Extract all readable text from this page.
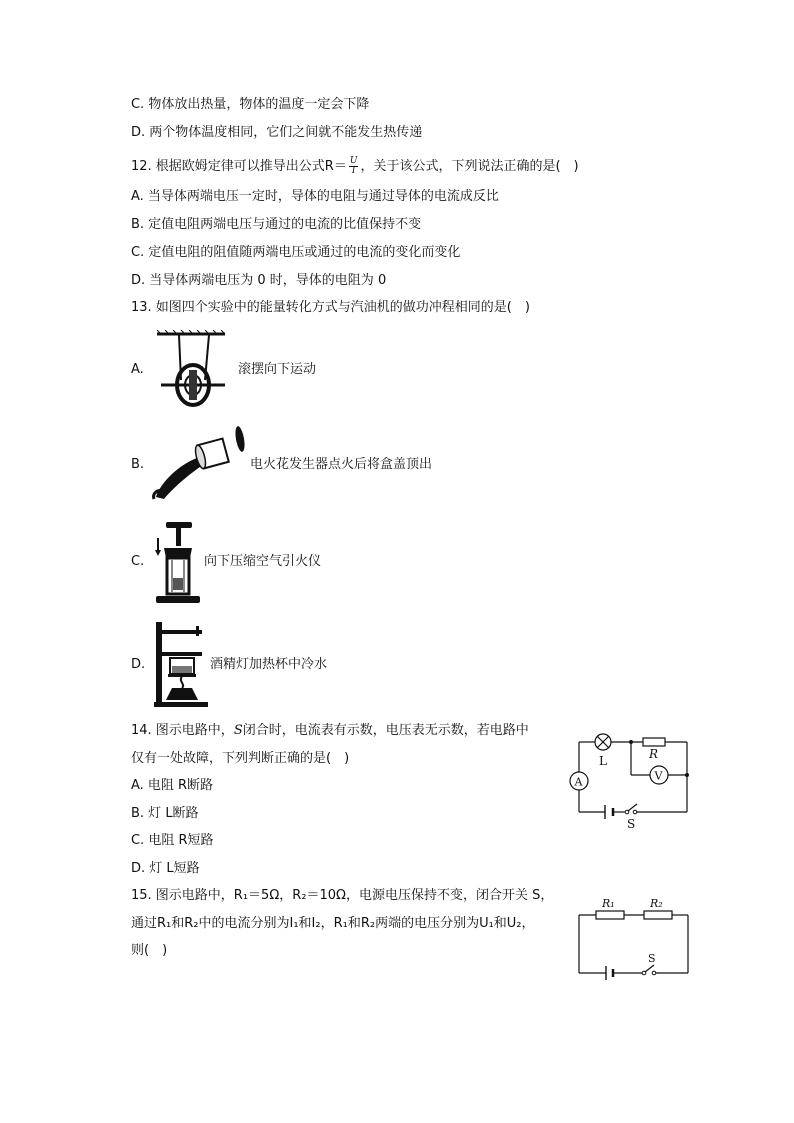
C. 物体放出热量，物体的温度一定会下降
D. 两个物体温度相同，它们之间就不能发生热传递
12. 根据欧姆定律可以推导出公式$R= \frac{U}{I}$ ，关于该公式，下列说法正确的是(　)
A. 当导体两端电压一定时，导体的电阻与通过导体的电流成反比
B. 定值电阻两端电压与通过的电流的比值保持不变
C. 定值电阻的阻值随两端电压或通过的电流的变化而变化
D. 当导体两端电压为 0 时，导体的电阻为 0
13. 如图四个实验中的能量转化方式与汽油机的做功冲程相同的是(　)
A.	滚摆向下运动
B.	电火花发生器点火后将盒盖顶出
C.	向下压缩空气引火仪
D.	酒精灯加热杯中冷水
14. 图示电路中，S闭合时，电流表有示数，电压表无示数，若电路中
仅有一处故障，下列判断正确的是(　)
A. 电阻 R断路
B. 灯 L断路
C. 电阻 R短路
D. 灯 L短路
L	R
V
A
S
15. 图示电路中，R₁＝5Ω，R₂＝10Ω，电源电压保持不变，闭合开关 S，
通过R₁和R₂中的电流分别为I₁和I₂，R₁和R₂两端的电压分别为U₁和U₂，
则(　)
R₁	R₂
S
